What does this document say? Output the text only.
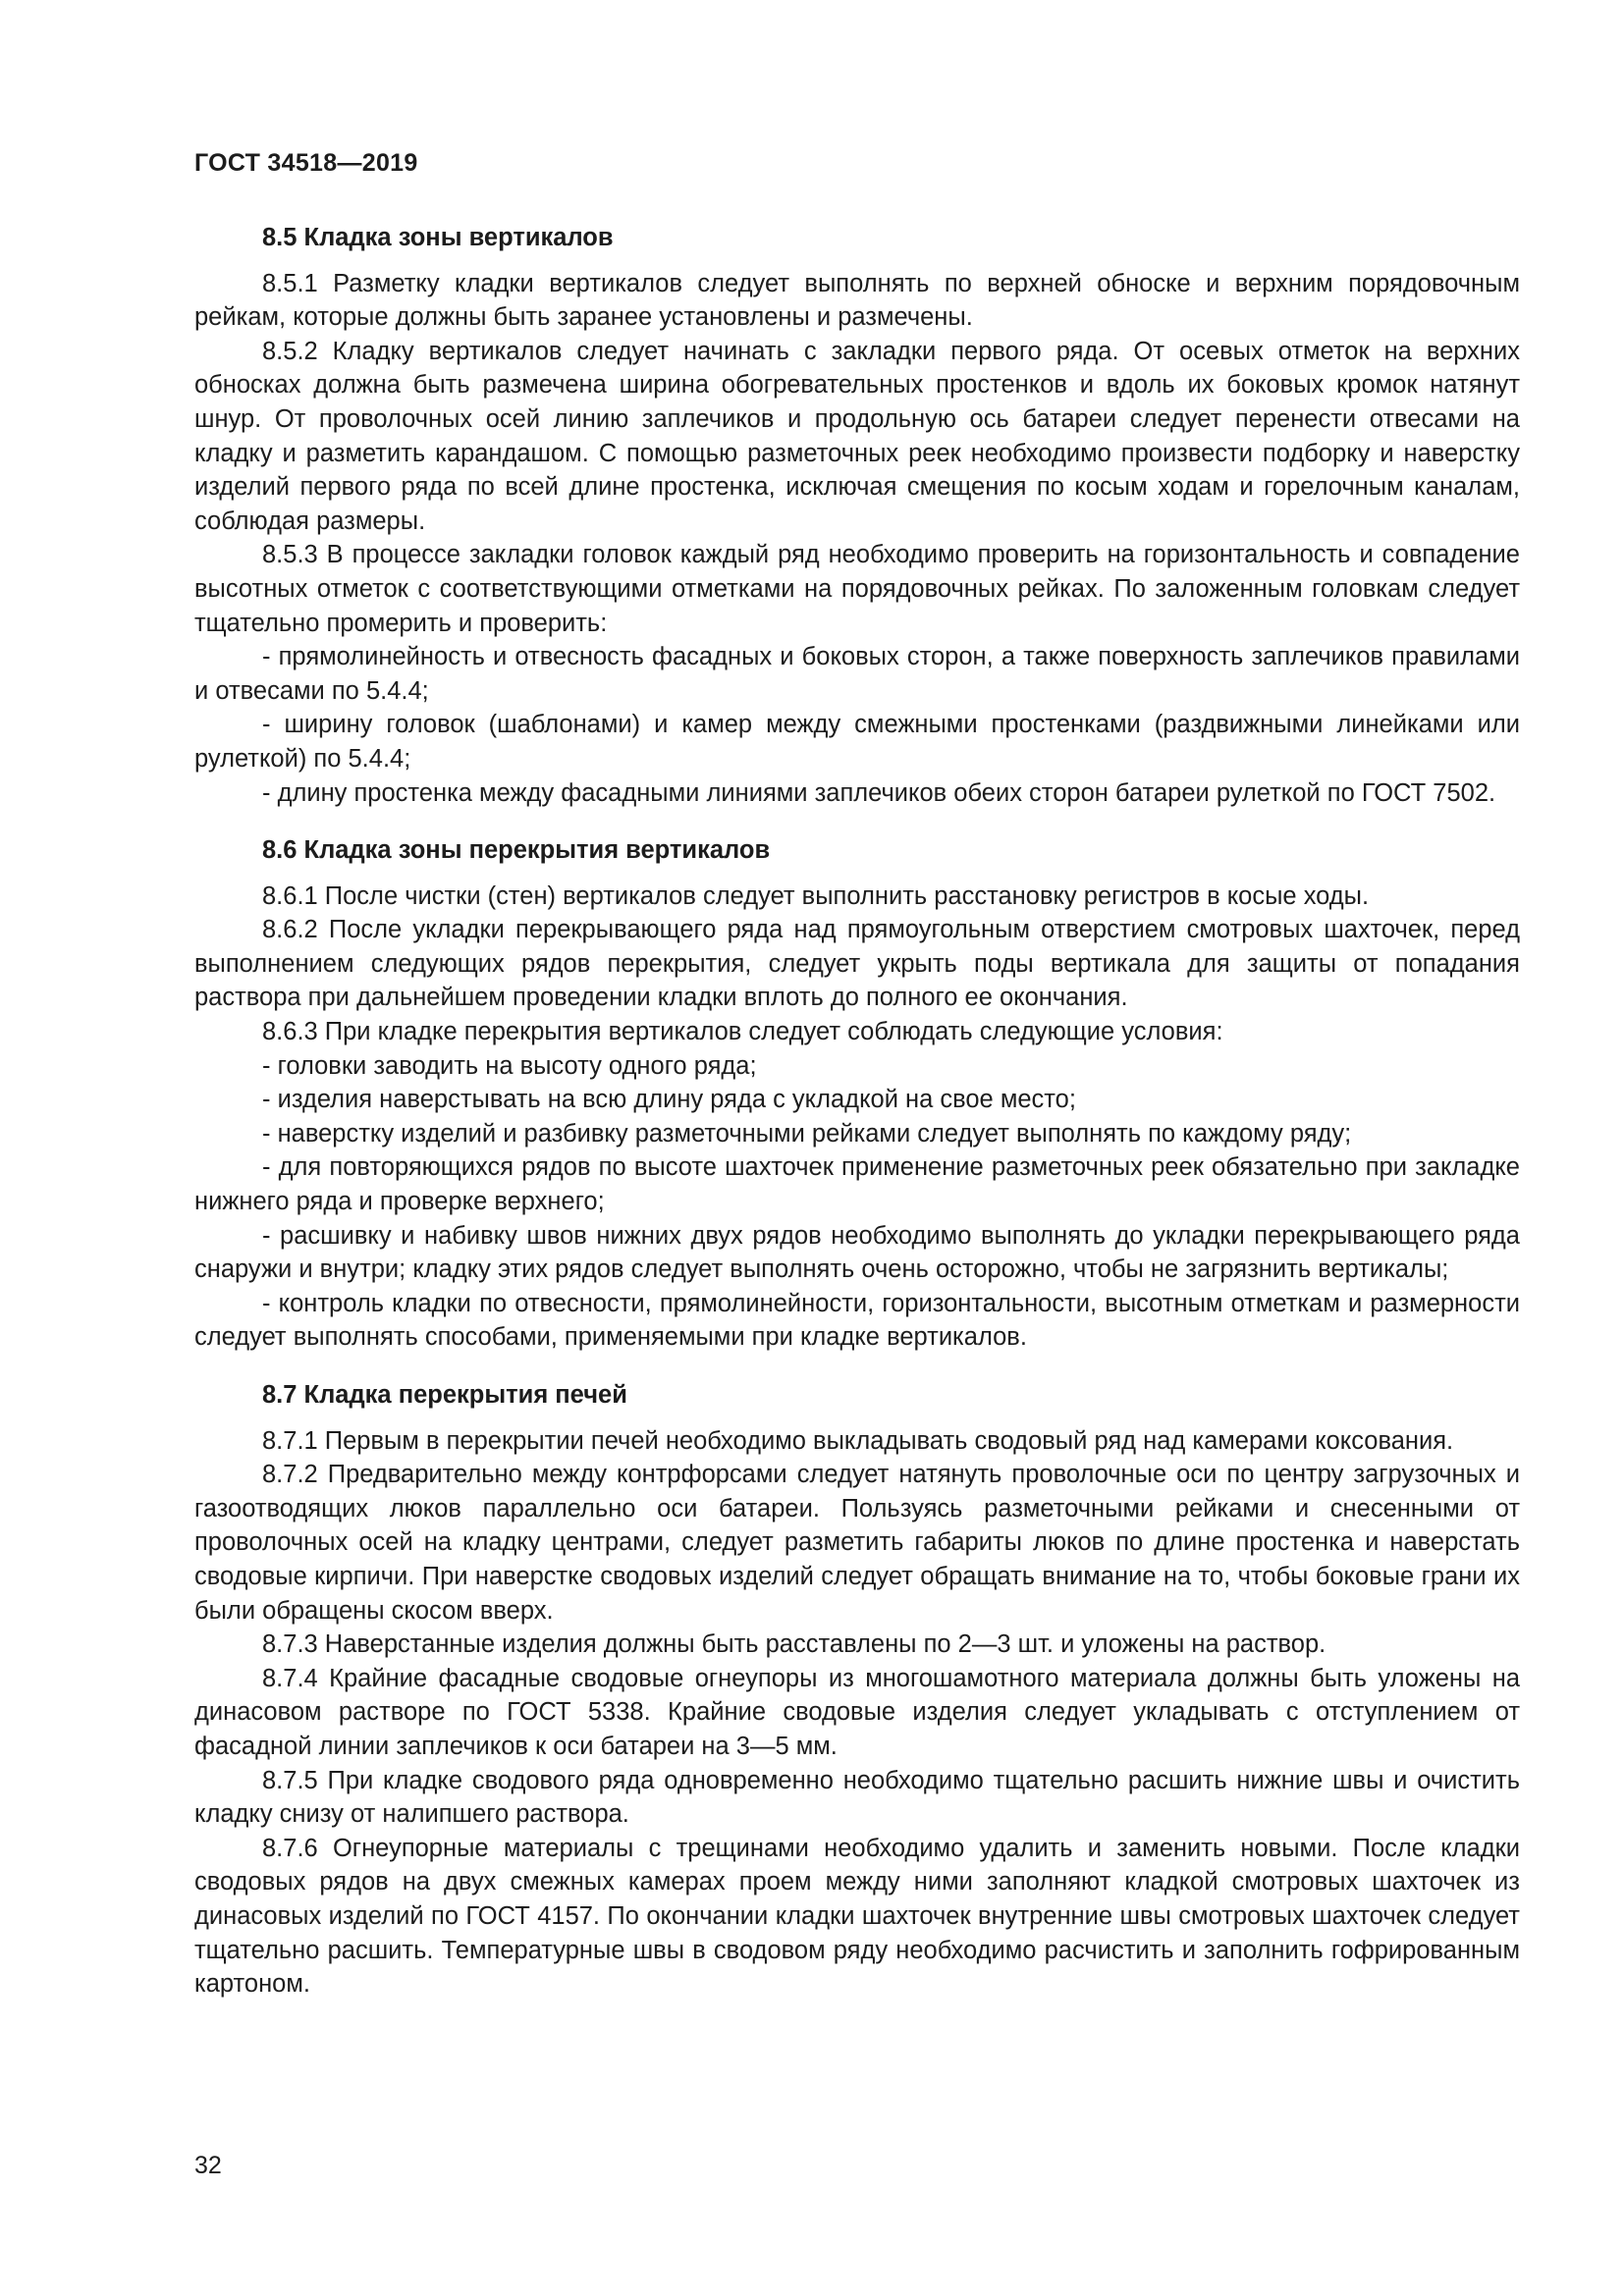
ГОСТ 34518—2019
8.5 Кладка зоны вертикалов

8.5.1 Разметку кладки вертикалов следует выполнять по верхней обноске и верхним порядовочным рейкам, которые должны быть заранее установлены и размечены.

8.5.2 Кладку вертикалов следует начинать с закладки первого ряда. От осевых отметок на верхних обносках должна быть размечена ширина обогревательных простенков и вдоль их боковых кромок натянут шнур. От проволочных осей линию заплечиков и продольную ось батареи следует перенести отвесами на кладку и разметить карандашом. С помощью разметочных реек необходимо произвести подборку и наверстку изделий первого ряда по всей длине простенка, исключая смещения по косым ходам и горелочным каналам, соблюдая размеры.

8.5.3 В процессе закладки головок каждый ряд необходимо проверить на горизонтальность и совпадение высотных отметок с соответствующими отметками на порядовочных рейках. По заложенным головкам следует тщательно промерить и проверить:

- прямолинейность и отвесность фасадных и боковых сторон, а также поверхность заплечиков правилами и отвесами по 5.4.4;

- ширину головок (шаблонами) и камер между смежными простенками (раздвижными линейками или рулеткой) по 5.4.4;

- длину простенка между фасадными линиями заплечиков обеих сторон батареи рулеткой по ГОСТ 7502.

8.6 Кладка зоны перекрытия вертикалов

8.6.1 После чистки (стен) вертикалов следует выполнить расстановку регистров в косые ходы.

8.6.2 После укладки перекрывающего ряда над прямоугольным отверстием смотровых шахточек, перед выполнением следующих рядов перекрытия, следует укрыть поды вертикала для защиты от попадания раствора при дальнейшем проведении кладки вплоть до полного ее окончания.

8.6.3 При кладке перекрытия вертикалов следует соблюдать следующие условия:

- головки заводить на высоту одного ряда;

- изделия наверстывать на всю длину ряда с укладкой на свое место;

- наверстку изделий и разбивку разметочными рейками следует выполнять по каждому ряду;

- для повторяющихся рядов по высоте шахточек применение разметочных реек обязательно при закладке нижнего ряда и проверке верхнего;

- расшивку и набивку швов нижних двух рядов необходимо выполнять до укладки перекрывающего ряда снаружи и внутри; кладку этих рядов следует выполнять очень осторожно, чтобы не загрязнить вертикалы;

- контроль кладки по отвесности, прямолинейности, горизонтальности, высотным отметкам и размерности следует выполнять способами, применяемыми при кладке вертикалов.

8.7 Кладка перекрытия печей

8.7.1 Первым в перекрытии печей необходимо выкладывать сводовый ряд над камерами коксования.

8.7.2 Предварительно между контрфорсами следует натянуть проволочные оси по центру загрузочных и газоотводящих люков параллельно оси батареи. Пользуясь разметочными рейками и снесенными от проволочных осей на кладку центрами, следует разметить габариты люков по длине простенка и наверстать сводовые кирпичи. При наверстке сводовых изделий следует обращать внимание на то, чтобы боковые грани их были обращены скосом вверх.

8.7.3 Наверстанные изделия должны быть расставлены по 2—3 шт. и уложены на раствор.

8.7.4 Крайние фасадные сводовые огнеупоры из многошамотного материала должны быть уложены на динасовом растворе по ГОСТ 5338. Крайние сводовые изделия следует укладывать с отступлением от фасадной линии заплечиков к оси батареи на 3—5 мм.

8.7.5 При кладке сводового ряда одновременно необходимо тщательно расшить нижние швы и очистить кладку снизу от налипшего раствора.

8.7.6 Огнеупорные материалы с трещинами необходимо удалить и заменить новыми. После кладки сводовых рядов на двух смежных камерах проем между ними заполняют кладкой смотровых шахточек из динасовых изделий по ГОСТ 4157. По окончании кладки шахточек внутренние швы смотровых шахточек следует тщательно расшить. Температурные швы в сводовом ряду необходимо расчистить и заполнить гофрированным картоном.

32
